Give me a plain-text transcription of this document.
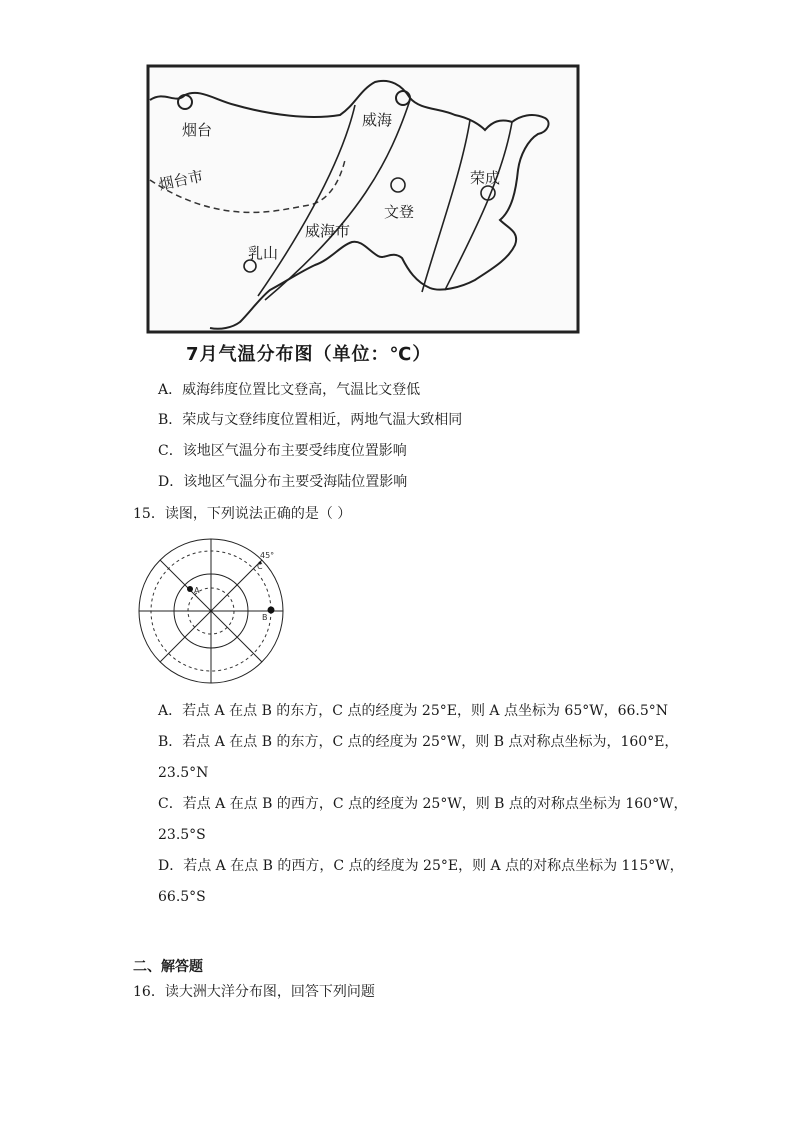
烟台
烟台市
威海
文登
荣成
乳山
威海市
7月气温分布图（单位：℃）
A．威海纬度位置比文登高，气温比文登低
B．荣成与文登纬度位置相近，两地气温大致相同
C．该地区气温分布主要受纬度位置影响
D．该地区气温分布主要受海陆位置影响
15．读图，下列说法正确的是（ ）
45°
C
A
B
A．若点 A 在点 B 的东方，C 点的经度为 25°E，则 A 点坐标为 65°W，66.5°N
B．若点 A 在点 B 的东方，C 点的经度为 25°W，则 B 点对称点坐标为，160°E，
23.5°N
C．若点 A 在点 B 的西方，C 点的经度为 25°W，则 B 点的对称点坐标为 160°W，
23.5°S
D．若点 A 在点 B 的西方，C 点的经度为 25°E，则 A 点的对称点坐标为 115°W，
66.5°S
二、解答题
16．读大洲大洋分布图，回答下列问题
